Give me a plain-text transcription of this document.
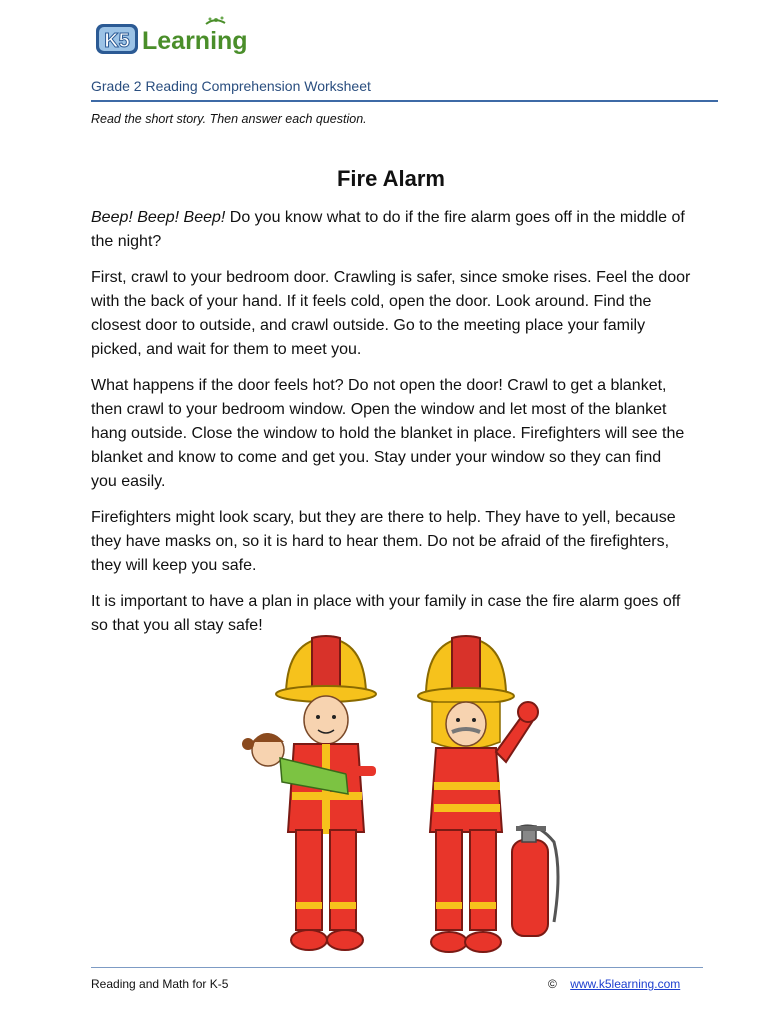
K5 Learning
Grade 2 Reading Comprehension Worksheet
Read the short story. Then answer each question.
Fire Alarm

Beep! Beep! Beep! Do you know what to do if the fire alarm goes off in the middle of the night?

First, crawl to your bedroom door. Crawling is safer, since smoke rises. Feel the door with the back of your hand. If it feels cold, open the door. Look around. Find the closest door to outside, and crawl outside. Go to the meeting place your family picked, and wait for them to meet you.

What happens if the door feels hot? Do not open the door! Crawl to get a blanket, then crawl to your bedroom window. Open the window and let most of the blanket hang outside. Close the window to hold the blanket in place. Firefighters will see the blanket and know to come and get you. Stay under your window so they can find you easily.

Firefighters might look scary, but they are there to help. They have to yell, because they have masks on, so it is hard to hear them. Do not be afraid of the firefighters, they will keep you safe.

It is important to have a plan in place with your family in case the fire alarm goes off so that you all stay safe!

Reading and Math for K-5	© www.k5learning.com
